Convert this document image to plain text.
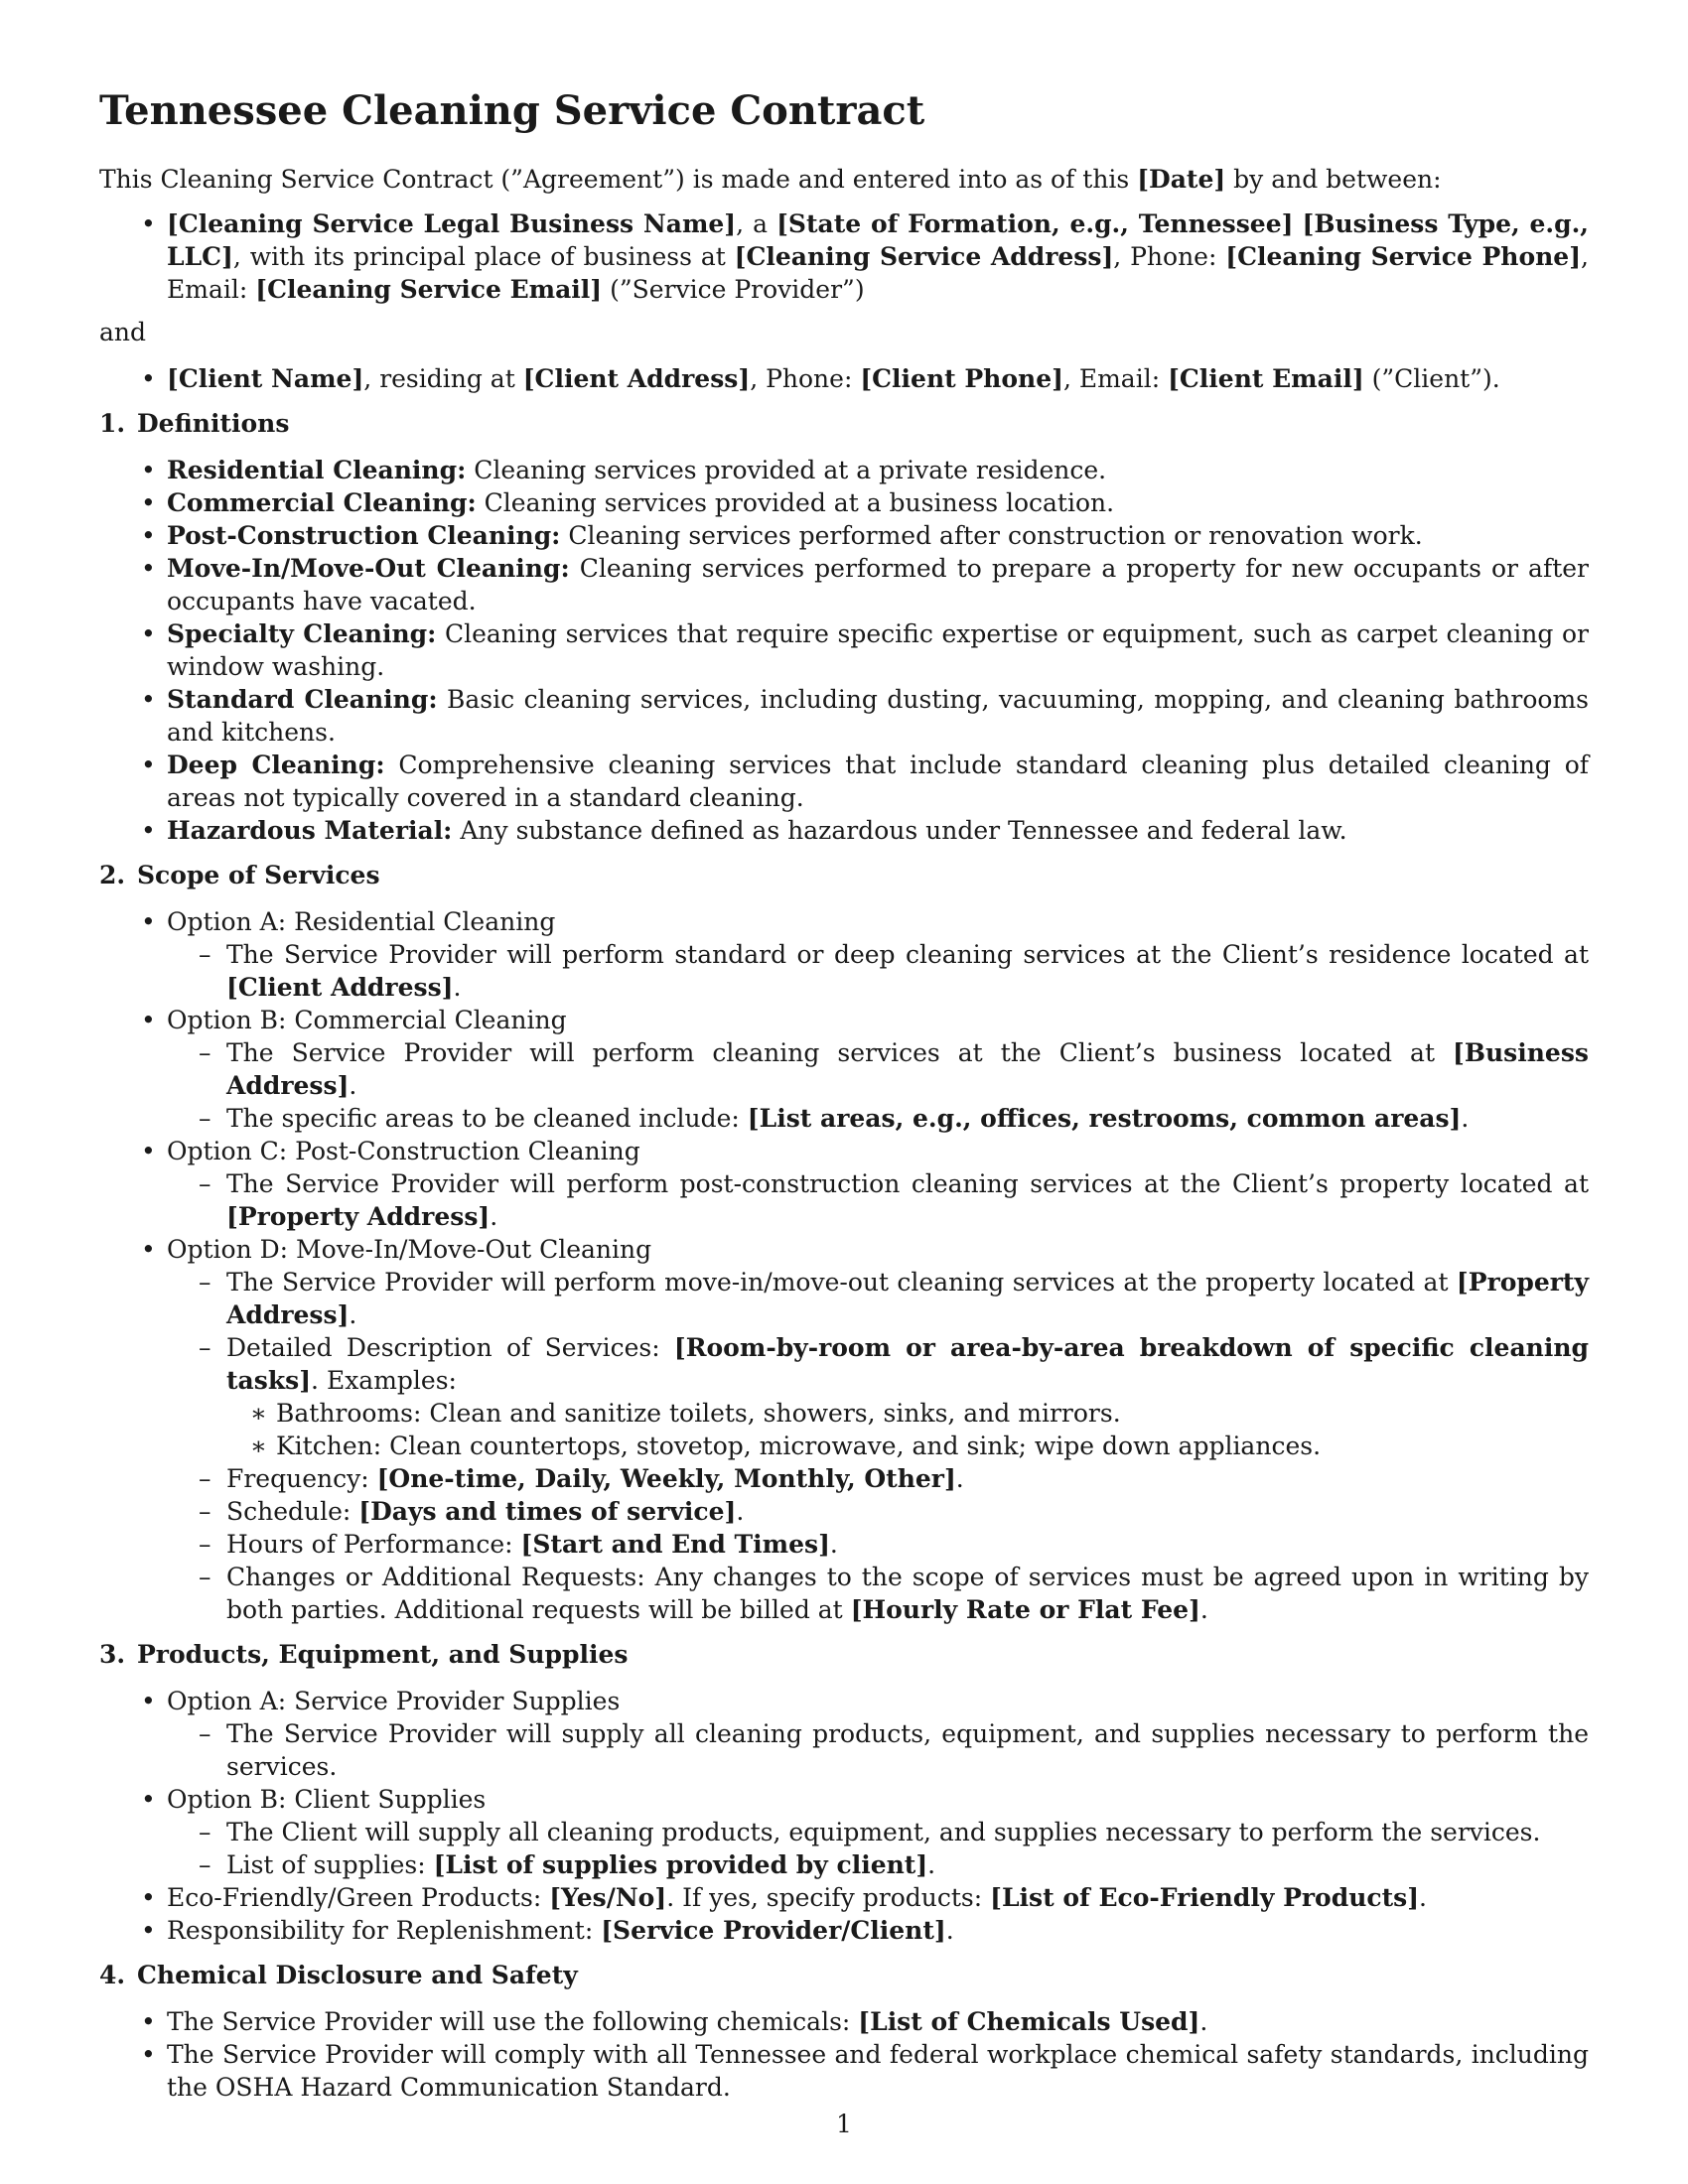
Tennessee Cleaning Service Contract

This Cleaning Service Contract (”Agreement”) is made and entered into as of this [Date] by and between:

• [Cleaning Service Legal Business Name], a [State of Formation, e.g., Tennessee] [Business Type, e.g., LLC], with its principal place of business at [Cleaning Service Address], Phone: [Cleaning Service Phone], Email: [Cleaning Service Email] (”Service Provider”)

and

• [Client Name], residing at [Client Address], Phone: [Client Phone], Email: [Client Email] (”Client”).
1. Definitions
• Residential Cleaning: Cleaning services provided at a private residence.
• Commercial Cleaning: Cleaning services provided at a business location.
• Post-Construction Cleaning: Cleaning services performed after construction or renovation work.
• Move-In/Move-Out Cleaning: Cleaning services performed to prepare a property for new occupants or after occupants have vacated.
• Specialty Cleaning: Cleaning services that require specific expertise or equipment, such as carpet cleaning or window washing.
• Standard Cleaning: Basic cleaning services, including dusting, vacuuming, mopping, and cleaning bathrooms and kitchens.
• Deep Cleaning: Comprehensive cleaning services that include standard cleaning plus detailed cleaning of areas not typically covered in a standard cleaning.
• Hazardous Material: Any substance defined as hazardous under Tennessee and federal law.
2. Scope of Services
• Option A: Residential Cleaning
– The Service Provider will perform standard or deep cleaning services at the Client’s residence located at [Client Address].
• Option B: Commercial Cleaning
– The Service Provider will perform cleaning services at the Client’s business located at [Business Address].
– The specific areas to be cleaned include: [List areas, e.g., offices, restrooms, common areas].
• Option C: Post-Construction Cleaning
– The Service Provider will perform post-construction cleaning services at the Client’s property located at [Property Address].
• Option D: Move-In/Move-Out Cleaning
– The Service Provider will perform move-in/move-out cleaning services at the property located at [Property Address].
– Detailed Description of Services: [Room-by-room or area-by-area breakdown of specific cleaning tasks]. Examples:
∗ Bathrooms: Clean and sanitize toilets, showers, sinks, and mirrors.
∗ Kitchen: Clean countertops, stovetop, microwave, and sink; wipe down appliances.
– Frequency: [One-time, Daily, Weekly, Monthly, Other].
– Schedule: [Days and times of service].
– Hours of Performance: [Start and End Times].
– Changes or Additional Requests: Any changes to the scope of services must be agreed upon in writing by both parties. Additional requests will be billed at [Hourly Rate or Flat Fee].
3. Products, Equipment, and Supplies
• Option A: Service Provider Supplies
– The Service Provider will supply all cleaning products, equipment, and supplies necessary to perform the services.
• Option B: Client Supplies
– The Client will supply all cleaning products, equipment, and supplies necessary to perform the services.
– List of supplies: [List of supplies provided by client].
• Eco-Friendly/Green Products: [Yes/No]. If yes, specify products: [List of Eco-Friendly Products].
• Responsibility for Replenishment: [Service Provider/Client].
4. Chemical Disclosure and Safety
• The Service Provider will use the following chemicals: [List of Chemicals Used].
• The Service Provider will comply with all Tennessee and federal workplace chemical safety standards, including the OSHA Hazard Communication Standard.
1
